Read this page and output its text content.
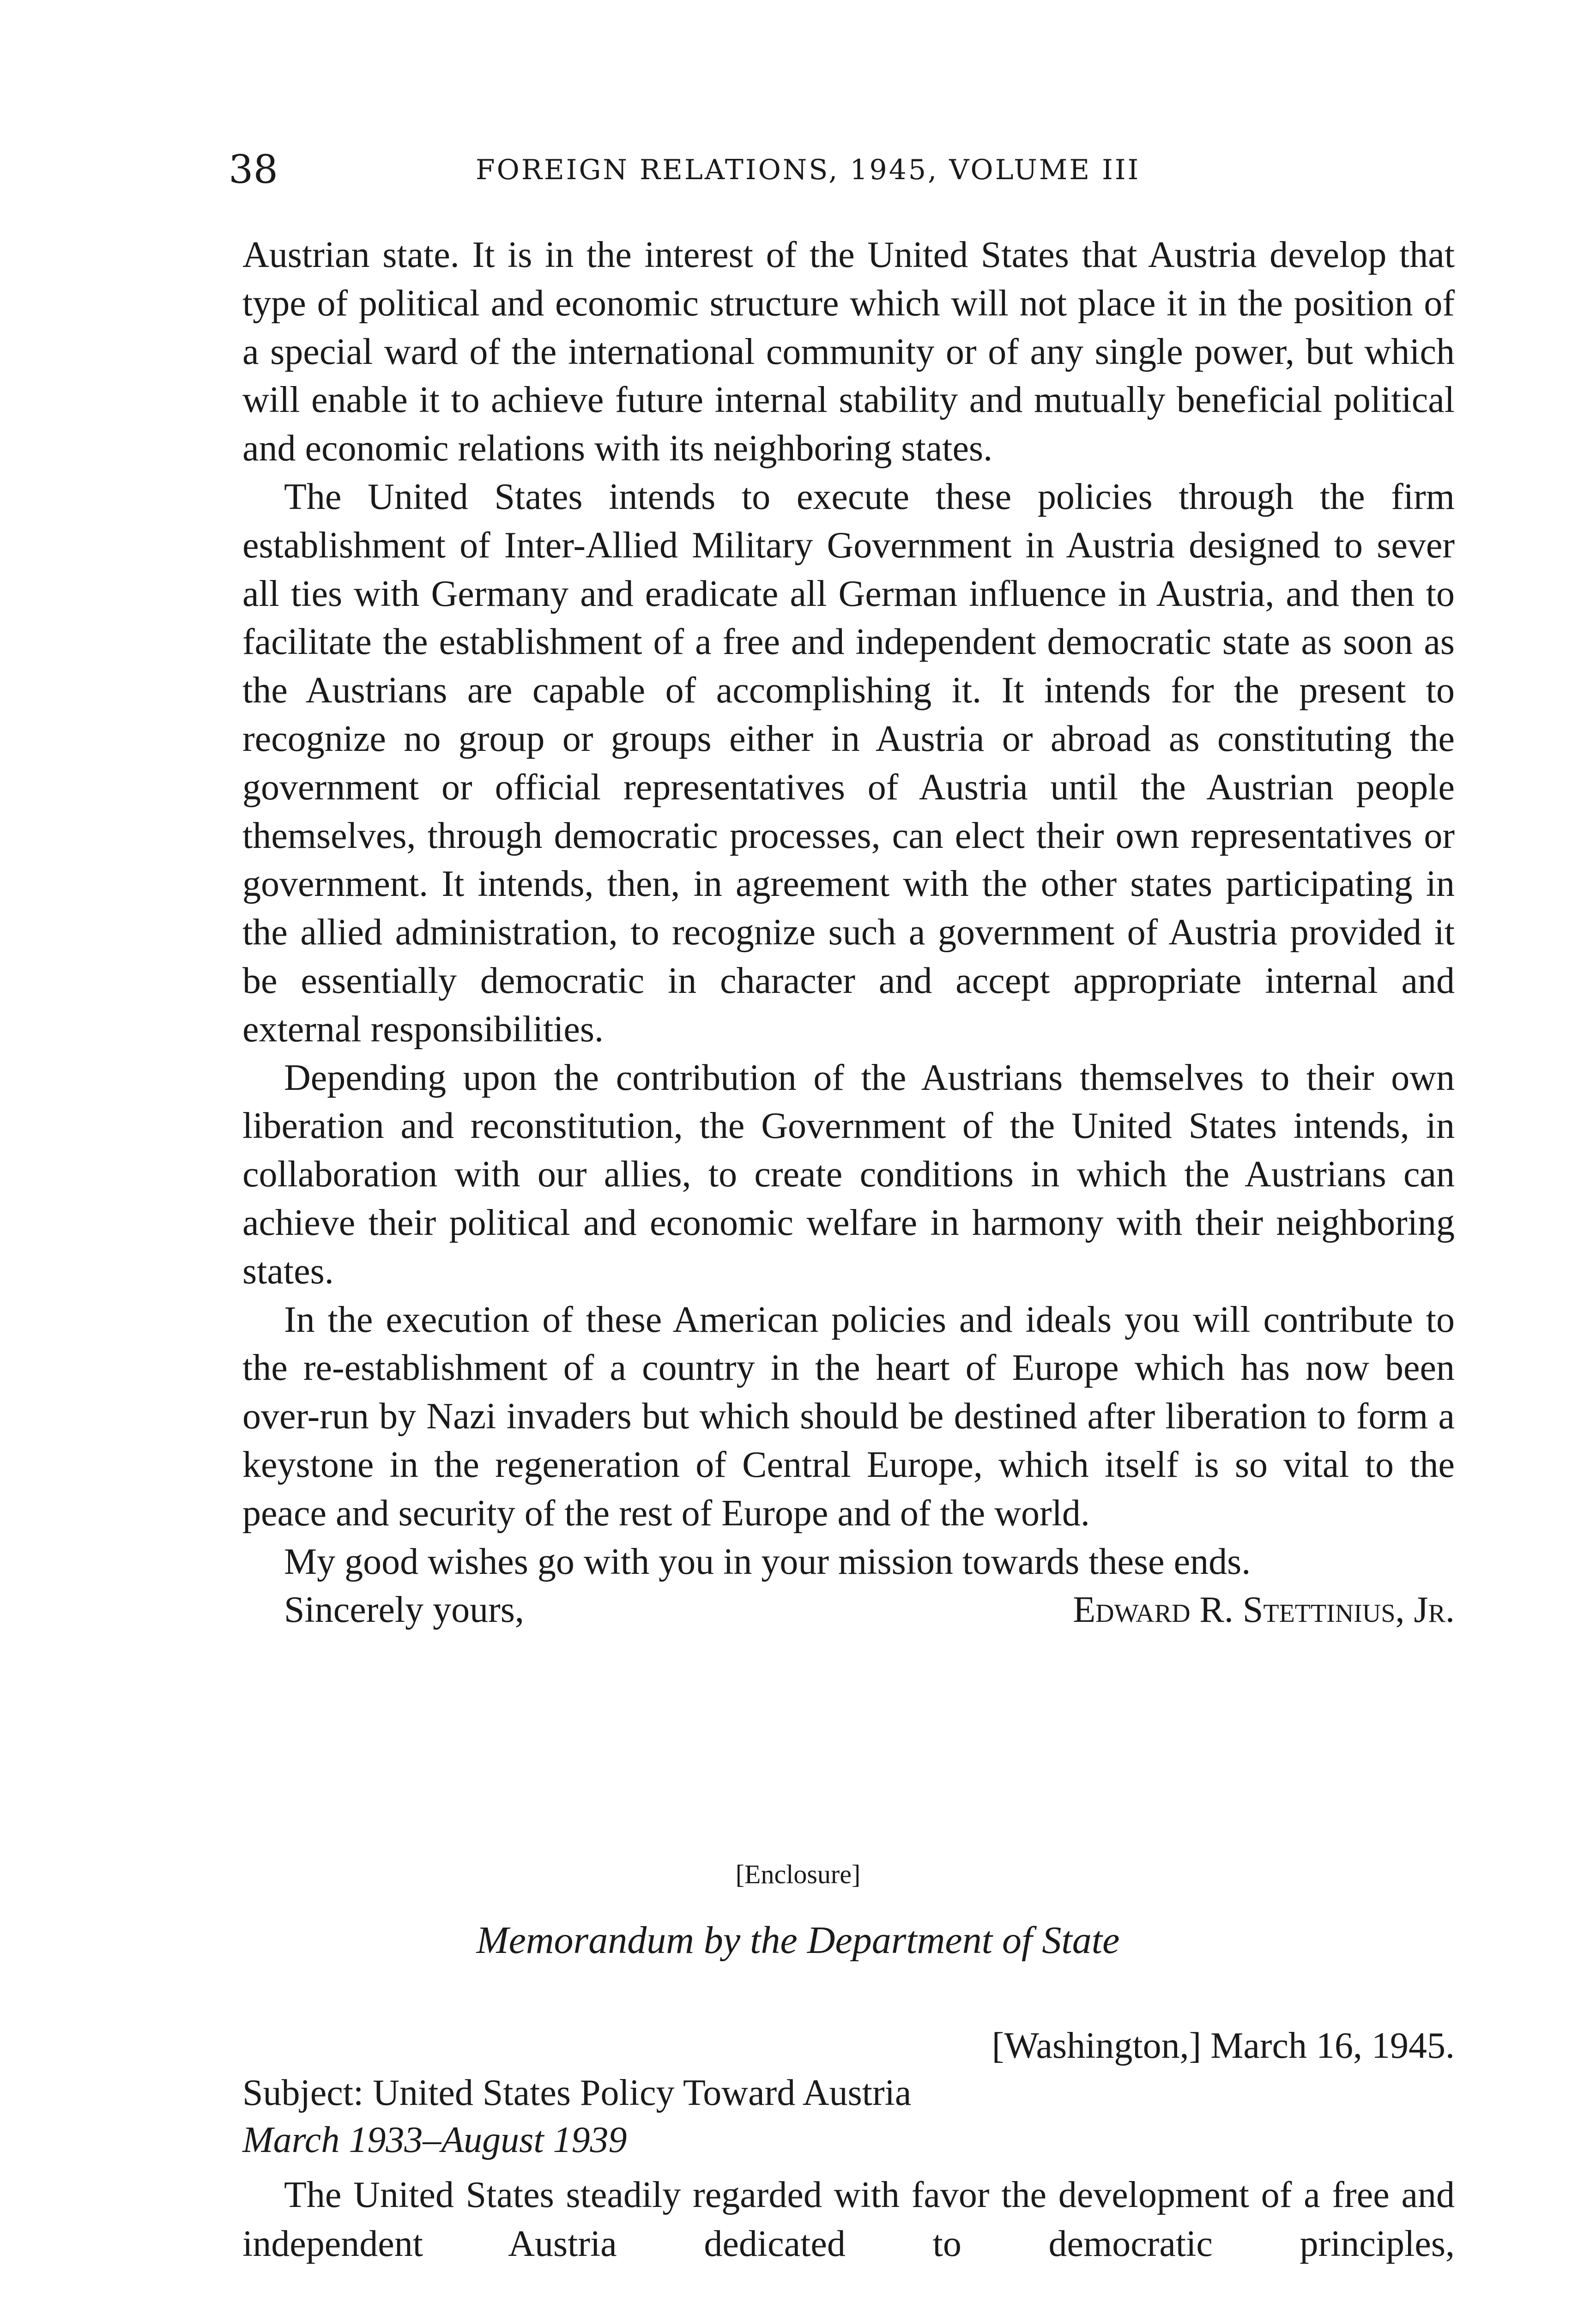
38	FOREIGN RELATIONS, 1945, VOLUME III

Austrian state. It is in the interest of the United States that Austria develop that type of political and economic structure which will not place it in the position of a special ward of the international community or of any single power, but which will enable it to achieve future internal stability and mutually beneficial political and economic relations with its neighboring states.

The United States intends to execute these policies through the firm establishment of Inter-Allied Military Government in Austria designed to sever all ties with Germany and eradicate all German influence in Austria, and then to facilitate the establishment of a free and independent democratic state as soon as the Austrians are capable of accomplishing it. It intends for the present to recognize no group or groups either in Austria or abroad as constituting the government or official representatives of Austria until the Austrian people themselves, through democratic processes, can elect their own representatives or government. It intends, then, in agreement with the other states participating in the allied administration, to recognize such a government of Austria provided it be essentially democratic in character and accept appropriate internal and external responsibilities.

Depending upon the contribution of the Austrians themselves to their own liberation and reconstitution, the Government of the United States intends, in collaboration with our allies, to create conditions in which the Austrians can achieve their political and economic welfare in harmony with their neighboring states.

In the execution of these American policies and ideals you will contribute to the re-establishment of a country in the heart of Europe which has now been over-run by Nazi invaders but which should be destined after liberation to form a keystone in the regeneration of Central Europe, which itself is so vital to the peace and security of the rest of Europe and of the world.

My good wishes go with you in your mission towards these ends.

Sincerely yours,	Edward R. Stettinius, Jr.
[Enclosure]
Memorandum by the Department of State
[Washington,] March 16, 1945.
Subject: United States Policy Toward Austria
March 1933–August 1939

The United States steadily regarded with favor the development of a free and independent Austria dedicated to democratic principles,
